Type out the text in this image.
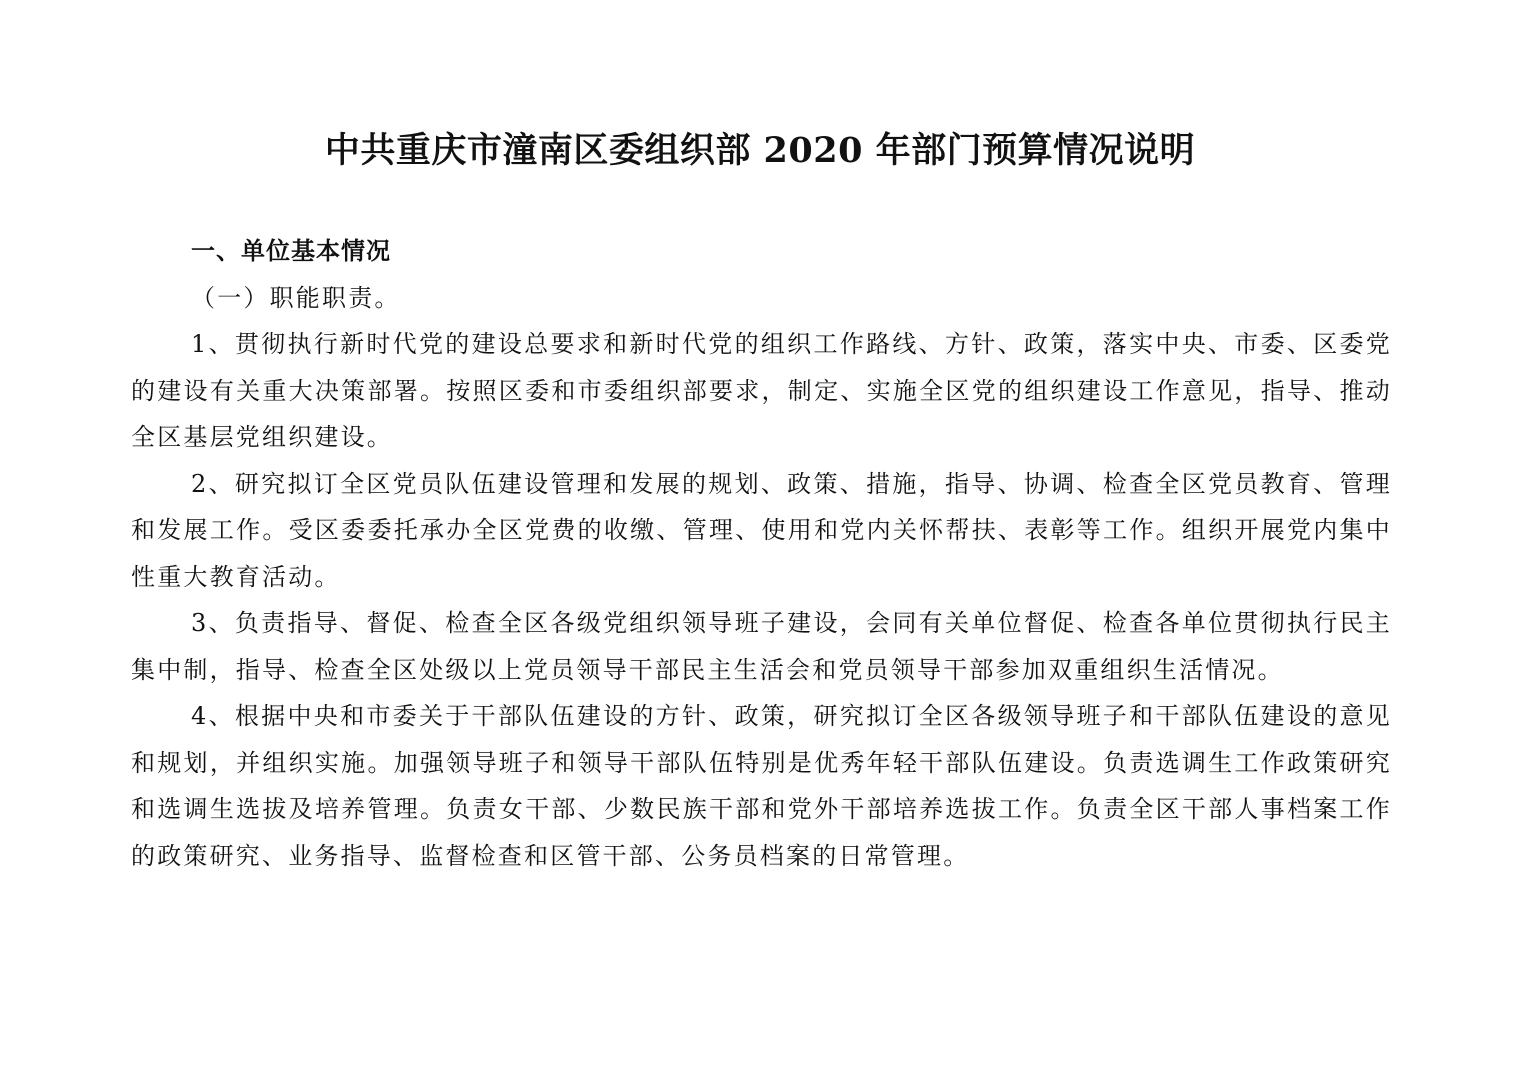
中共重庆市潼南区委组织部 2020 年部门预算情况说明

一、单位基本情况

（一）职能职责。

1、贯彻执行新时代党的建设总要求和新时代党的组织工作路线、方针、政策，落实中央、市委、区委党的建设有关重大决策部署。按照区委和市委组织部要求，制定、实施全区党的组织建设工作意见，指导、推动全区基层党组织建设。

2、研究拟订全区党员队伍建设管理和发展的规划、政策、措施，指导、协调、检查全区党员教育、管理和发展工作。受区委委托承办全区党费的收缴、管理、使用和党内关怀帮扶、表彰等工作。组织开展党内集中性重大教育活动。

3、负责指导、督促、检查全区各级党组织领导班子建设，会同有关单位督促、检查各单位贯彻执行民主集中制，指导、检查全区处级以上党员领导干部民主生活会和党员领导干部参加双重组织生活情况。

4、根据中央和市委关于干部队伍建设的方针、政策，研究拟订全区各级领导班子和干部队伍建设的意见和规划，并组织实施。加强领导班子和领导干部队伍特别是优秀年轻干部队伍建设。负责选调生工作政策研究和选调生选拔及培养管理。负责女干部、少数民族干部和党外干部培养选拔工作。负责全区干部人事档案工作的政策研究、业务指导、监督检查和区管干部、公务员档案的日常管理。
